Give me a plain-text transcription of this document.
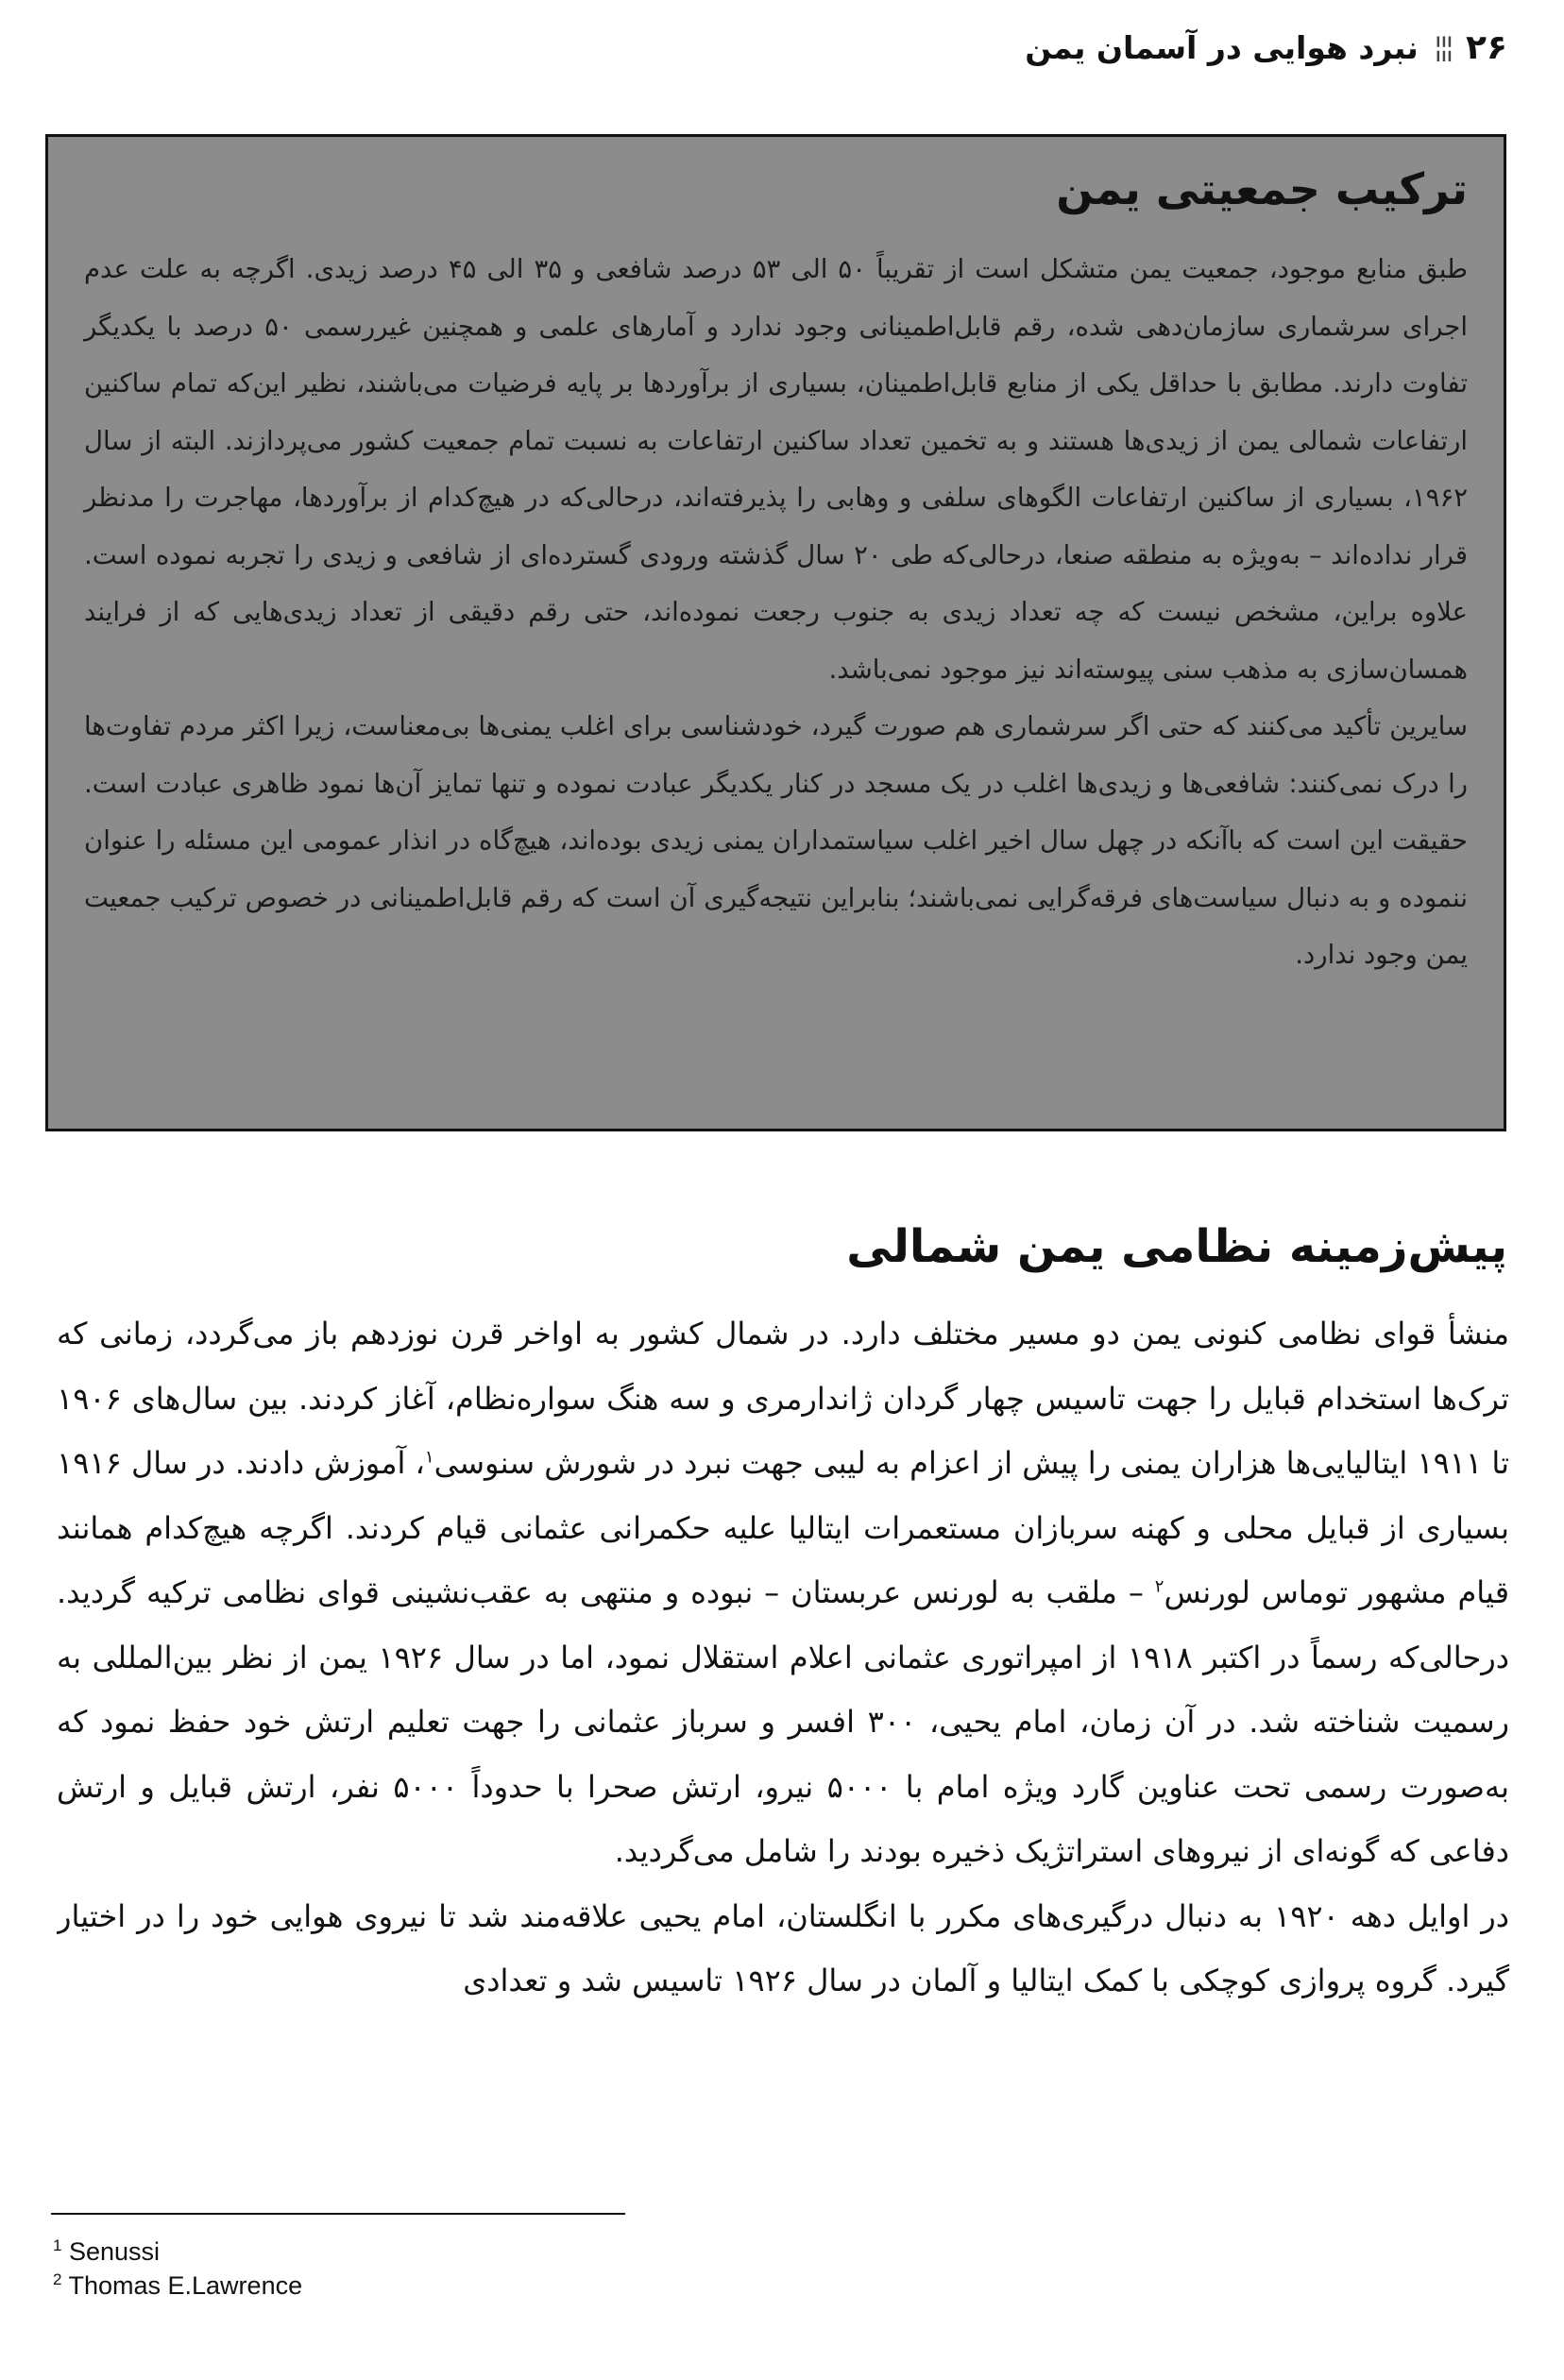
۲۶
¦¦¦
نبرد هوایی در آسمان یمن
ترکیب جمعیتی یمن

طبق منابع موجود، جمعیت یمن متشکل است از تقریباً ۵۰ الی ۵۳ درصد شافعی و ۳۵ الی ۴۵ درصد زیدی. اگرچه به علت عدم اجرای سرشماری سازمان‌دهی شده، رقم قابل‌اطمینانی وجود ندارد و آمارهای علمی و همچنین غیررسمی ۵۰ درصد با یکدیگر تفاوت دارند. مطابق با حداقل یکی از منابع قابل‌اطمینان، بسیاری از برآوردها بر پایه فرضیات می‌باشند، نظیر این‌که تمام ساکنین ارتفاعات شمالی یمن از زیدی‌ها هستند و به تخمین تعداد ساکنین ارتفاعات به نسبت تمام جمعیت کشور می‌پردازند. البته از سال ۱۹۶۲، بسیاری از ساکنین ارتفاعات الگوهای سلفی و وهابی را پذیرفته‌اند، درحالی‌که در هیچ‌کدام از برآوردها، مهاجرت را مدنظر قرار نداده‌اند – به‌ویژه به منطقه صنعا، درحالی‌که طی ۲۰ سال گذشته ورودی گسترده‌ای از شافعی و زیدی را تجربه نموده است. علاوه براین، مشخص نیست که چه تعداد زیدی به جنوب رجعت نموده‌اند، حتی رقم دقیقی از تعداد زیدی‌هایی که از فرایند همسان‌سازی به مذهب سنی پیوسته‌اند نیز موجود نمی‌باشد.

سایرین تأکید می‌کنند که حتی اگر سرشماری هم صورت گیرد، خودشناسی برای اغلب یمنی‌ها بی‌معناست، زیرا اکثر مردم تفاوت‌ها را درک نمی‌کنند: شافعی‌ها و زیدی‌ها اغلب در یک مسجد در کنار یکدیگر عبادت نموده و تنها تمایز آن‌ها نمود ظاهری عبادت است. حقیقت این است که باآنکه در چهل سال اخیر اغلب سیاستمداران یمنی زیدی بوده‌اند، هیچ‌گاه در انذار عمومی این مسئله را عنوان ننموده و به دنبال سیاست‌های فرقه‌گرایی نمی‌باشند؛ بنابراین نتیجه‌گیری آن است که رقم قابل‌اطمینانی در خصوص ترکیب جمعیت یمن وجود ندارد.

پیش‌زمینه نظامی یمن شمالی

منشأ قوای نظامی کنونی یمن دو مسیر مختلف دارد. در شمال کشور به اواخر قرن نوزدهم باز می‌گردد، زمانی که ترک‌ها استخدام قبایل را جهت تاسیس چهار گردان ژاندارمری و سه هنگ سواره‌نظام، آغاز کردند. بین سال‌های ۱۹۰۶ تا ۱۹۱۱ ایتالیایی‌ها هزاران یمنی را پیش از اعزام به لیبی جهت نبرد در شورش سنوسی$^۱$، آموزش دادند. در سال ۱۹۱۶ بسیاری از قبایل محلی و کهنه سربازان مستعمرات ایتالیا علیه حکمرانی عثمانی قیام کردند. اگرچه هیچ‌کدام همانند قیام مشهور توماس لورنس$^۲$ – ملقب به لورنس عربستان – نبوده و منتهی به عقب‌نشینی قوای نظامی ترکیه گردید. درحالی‌که رسماً در اکتبر ۱۹۱۸ از امپراتوری عثمانی اعلام استقلال نمود، اما در سال ۱۹۲۶ یمن از نظر بین‌المللی به رسمیت شناخته شد. در آن زمان، امام یحیی، ۳۰۰ افسر و سرباز عثمانی را جهت تعلیم ارتش خود حفظ نمود که به‌صورت رسمی تحت عناوین گارد ویژه امام با ۵۰۰۰ نیرو، ارتش صحرا با حدوداً ۵۰۰۰ نفر، ارتش قبایل و ارتش دفاعی که گونه‌ای از نیروهای استراتژیک ذخیره بودند را شامل می‌گردید.

در اوایل دهه ۱۹۲۰ به دنبال درگیری‌های مکرر با انگلستان، امام یحیی علاقه‌مند شد تا نیروی هوایی خود را در اختیار گیرد. گروه پروازی کوچکی با کمک ایتالیا و آلمان در سال ۱۹۲۶ تاسیس شد و تعدادی

$^1$ Senussi
$^2$ Thomas E.Lawrence
